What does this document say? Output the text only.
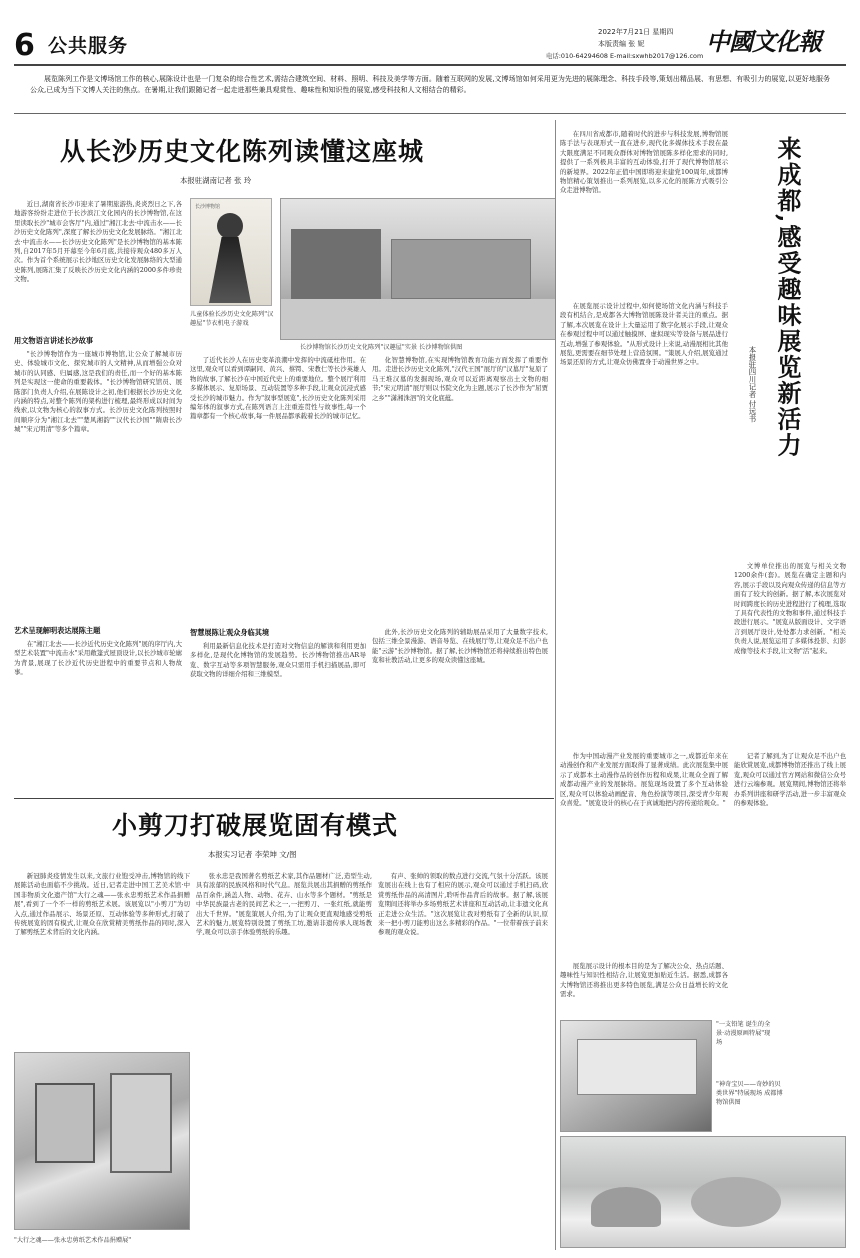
6 公共服务
2022年7月21日 星期四
本版责编 张 妮
电话:010-64294608 E-mail:sxwhb2017@126.com 中國文化報
展览陈列工作是文博场馆工作的核心,展陈设计也是一门复杂的综合性艺术,需结合建筑空间、材料、照明、科技及美学等方面。随着互联网的发展,文博场馆如何采用更为先进的展陈理念、科技手段等,策划出精品展、有思想、有吸引力的展览,以更好地服务公众,已成为当下文博人关注的焦点。在暑期,让我们跟随记者一起走进那些兼具观赏性、趣味性和知识性的展览,感受科技和人文相结合的精彩。
从长沙历史文化陈列读懂这座城
本报驻湖南记者 张 玲
近日,湖南省长沙市迎来了暑期旅游热,炎炎烈日之下,各地游客纷纷走进位于长沙滨江文化园内的长沙博物馆,在这里读取长沙"城市会客厅"内,通过"湘江北去·中流击水——长沙历史文化陈列",深度了解长沙历史文化发展脉络。"湘江北去·中流击水——长沙历史文化陈列"是长沙博物馆的基本陈列,自2017年5月开幕至今年6月底,共接待观众480多万人次。作为首个系统展示长沙地区历史文化发展脉络的大型通史陈列,展陈汇集了反映长沙历史文化内涵的2000多件珍贵文物。
用文物语言讲述长沙故事
"长沙博物馆作为一座城市博物馆,让公众了解城市历史、体验城市文化、探究城市的人文精神,从而增强公众对城市的认同感、归属感,这是我们的责任,而一个好的基本陈列是实现这一使命的重要载体。"长沙博物馆研究馆员、展陈部门负责人介绍,在展陈设计之初,他们根据长沙历史文化内涵的特点,对整个陈列的架构进行梳理,最终形成以时间为线索,以文物为核心的叙事方式。长沙历史文化陈列按照时间顺序分为"湘江北去""楚风湘韵""汉代长沙国""隋唐长沙城""宋元明清"等多个篇章。
艺术呈现解明表达展陈主题
在"湘江北去——长沙近代历史文化陈列"展的序厅内,大型艺术装置"中流击水"采用敞篷式屋顶设计,以长沙城市轮廓为背景,展现了长沙近代历史进程中的重要节点和人物故事。
长沙博物馆
儿童体验长沙历史文化陈列"汉趣屋"节衣机电子游戏
长沙博物馆长沙历史文化陈列"汉趣屋"实景 长沙博物馆供图
了近代长沙人在历史变革浪潮中发挥的中流砥柱作用。在这里,观众可以看到谭嗣同、黄兴、蔡锷、宋教仁等长沙英雄人物的故事,了解长沙在中国近代史上的重要地位。整个展厅利用多媒体展示、复原场景、互动装置等多种手段,让观众沉浸式感受长沙的城市魅力。作为"叙事型展览",长沙历史文化陈列采用编年体的叙事方式,在陈列语言上注重连贯性与故事性,每一个篇章都有一个核心故事,每一件展品都承载着长沙的城市记忆。
智慧展陈让观众身临其境
利用最新信息化技术是打造对文物信息的解读和利用更加多样化,是现代化博物馆的发展趋势。长沙博物馆推出AR导览、数字互动等多项智慧服务,观众只需用手机扫描展品,即可获取文物的详细介绍和三维模型。
化智慧博物馆,在实现博物馆教育功能方面发挥了重要作用。走进长沙历史文化陈列,"汉代王国"展厅的"汉墓厅"复原了马王堆汉墓的发掘现场,观众可以近距离观察出土文物的细节;"宋元明清"展厅则以书院文化为主题,展示了长沙作为"屈贾之乡""潇湘洙泗"的文化底蕴。
此外,长沙历史文化陈列的辅助展品采用了大量数字技术,包括三维全景漫游、语音导览、在线展厅等,让观众足不出户也能"云游"长沙博物馆。据了解,长沙博物馆还将持续推出特色展览和社教活动,让更多的观众读懂这座城。
小剪刀打破展览固有模式
本报实习记者 李荣坤 文/图
新冠肺炎疫情发生以来,文旅行业饱受冲击,博物馆的线下展陈活动也面临不少挑战。近日,记者走进中国工艺美术馆·中国非物质文化遗产馆"大行之魂——张永忠剪纸艺术作品捐赠展",看到了一个不一样的剪纸艺术展。该展览以"小剪刀"为切入点,通过作品展示、场景还原、互动体验等多种形式,打破了传统展览的固有模式,让观众在欣赏精美剪纸作品的同时,深入了解剪纸艺术背后的文化内涵。
张永忠是我国著名剪纸艺术家,其作品题材广泛,造型生动,具有浓郁的民族风格和时代气息。展览共展出其捐赠的剪纸作品百余件,涵盖人物、动物、花卉、山水等多个题材。"剪纸是中华民族最古老的民间艺术之一,一把剪刀、一张红纸,就能剪出大千世界。"展览策展人介绍,为了让观众更直观地感受剪纸艺术的魅力,展览特别设置了剪纸工坊,邀请非遗传承人现场教学,观众可以亲手体验剪纸的乐趣。
有声、张帅的领取的数点进行交流,气氛十分活跃。该展览展出在线上也有了相应的展示,观众可以通过手机扫码,欣赏剪纸作品的高清图片,聆听作品背后的故事。据了解,该展览期间还将举办多场剪纸艺术讲座和互动活动,让非遗文化真正走进公众生活。"这次展览让我对剪纸有了全新的认识,原来一把小剪刀能剪出这么多精彩的作品。"一位带着孩子前来参观的观众说。
"大行之魂——张永忠剪纸艺术作品捐赠展"
在四川省成都市,随着时代的进步与科技发展,博物馆展陈手法与表现形式一直在进步,现代化多媒体技术手段在最大限度满足不同观众群体对博物馆展陈多样化需求的同时,提供了一系列极具丰富的互动体验,打开了现代博物馆展示的新境界。2022年正值中国即将迎来建党100周年,成都博物馆精心策划推出一系列展览,以多元化的展陈方式吸引公众走进博物馆。
在展览展示设计过程中,如何使场馆文化内涵与科技手段有机结合,是成都各大博物馆展陈设计者关注的重点。据了解,本次展览在设计上大量运用了数字化展示手段,让观众在参观过程中可以通过触摸屏、虚拟现实等设备与展品进行互动,增强了参观体验。"从形式设计上来说,动漫展相比其他展览,更需要在细节处理上营造氛围。"策展人介绍,展览通过场景还原的方式,让观众仿佛置身于动漫世界之中。	来成都,感受趣味展览新活力
本报驻四川记者 付远书
文博单位推出的展览与相关文物1200余件(套)。展览在确定主题和内容,展示手段以及向观众传递的信息等方面有了较大的创新。据了解,本次展览对时间跨度长的历史进程进行了梳理,选取了具有代表性的文物和事件,通过科技手段进行展示。"展览从版面设计、文字语言到展厅设计,处处都力求创新。"相关负责人说,展览运用了多媒体投影、幻影成像等技术手段,让文物"活"起来。
作为中国动漫产业发展的重要城市之一,成都近年来在动漫创作和产业发展方面取得了显著成绩。此次展览集中展示了成都本土动漫作品的创作历程和成果,让观众全面了解成都动漫产业的发展脉络。展览现场设置了多个互动体验区,观众可以体验动画配音、角色扮演等项目,深受青少年观众喜爱。"展览设计的核心在于真诚地把内容传递给观众。"
展览展示设计的根本目的是为了解决公众、热点话题、趣味性与知识性相结合,让展览更加贴近生活。据悉,成都各大博物馆还将推出更多特色展览,满足公众日益增长的文化需求。
记者了解到,为了让观众足不出户也能欣赏展览,成都博物馆还推出了线上展览,观众可以通过官方网站和微信公众号进行云端参观。展览期间,博物馆还将举办系列讲座和研学活动,进一步丰富观众的参观体验。
"一支铅笔 诞生的全景·动漫原画特展"现场
"神奇宝贝——奇妙的贝类世界"特展现场 成都博物馆供图
